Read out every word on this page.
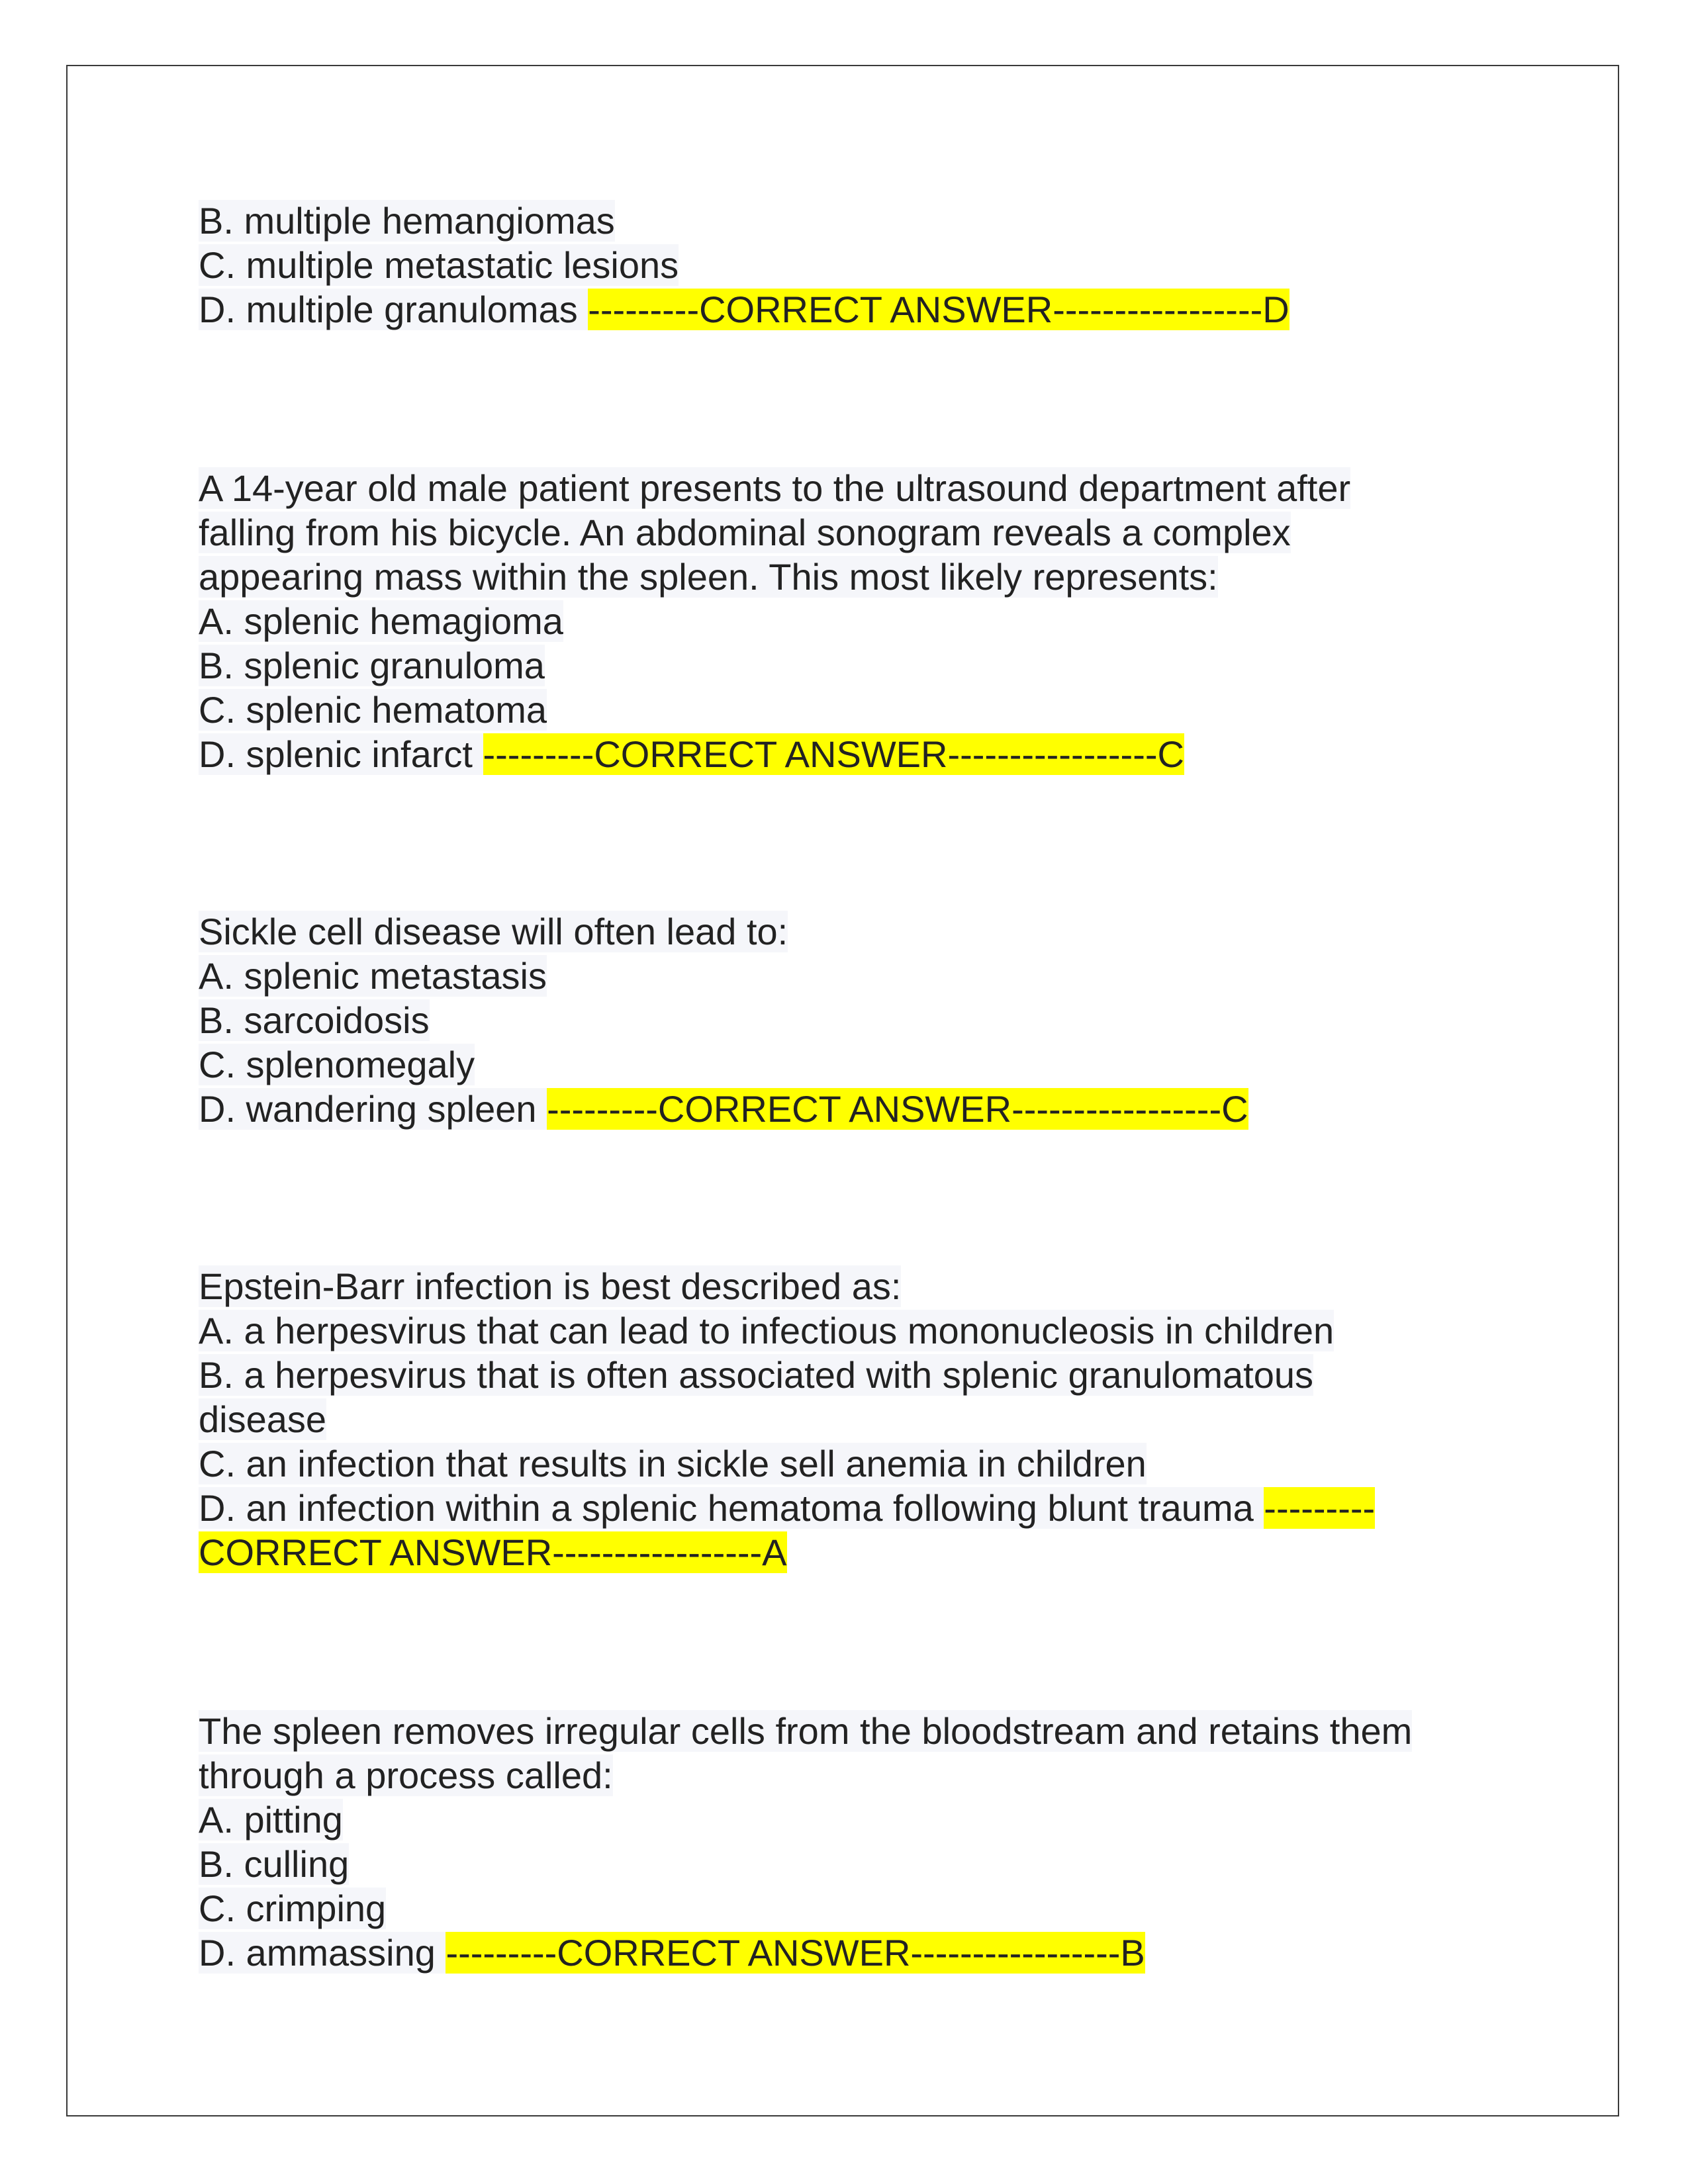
B. multiple hemangiomas
C. multiple metastatic lesions
D. multiple granulomas ---------CORRECT ANSWER-----------------D
A 14-year old male patient presents to the ultrasound department after
falling from his bicycle. An abdominal sonogram reveals a complex
appearing mass within the spleen. This most likely represents:
A. splenic hemagioma
B. splenic granuloma
C. splenic hematoma
D. splenic infarct ---------CORRECT ANSWER-----------------C
Sickle cell disease will often lead to:
A. splenic metastasis
B. sarcoidosis
C. splenomegaly
D. wandering spleen ---------CORRECT ANSWER-----------------C
Epstein-Barr infection is best described as:
A. a herpesvirus that can lead to infectious mononucleosis in children
B. a herpesvirus that is often associated with splenic granulomatous
disease
C. an infection that results in sickle sell anemia in children
D. an infection within a splenic hematoma following blunt trauma ---------
CORRECT ANSWER-----------------A
The spleen removes irregular cells from the bloodstream and retains them
through a process called:
A. pitting
B. culling
C. crimping
D. ammassing ---------CORRECT ANSWER-----------------B
